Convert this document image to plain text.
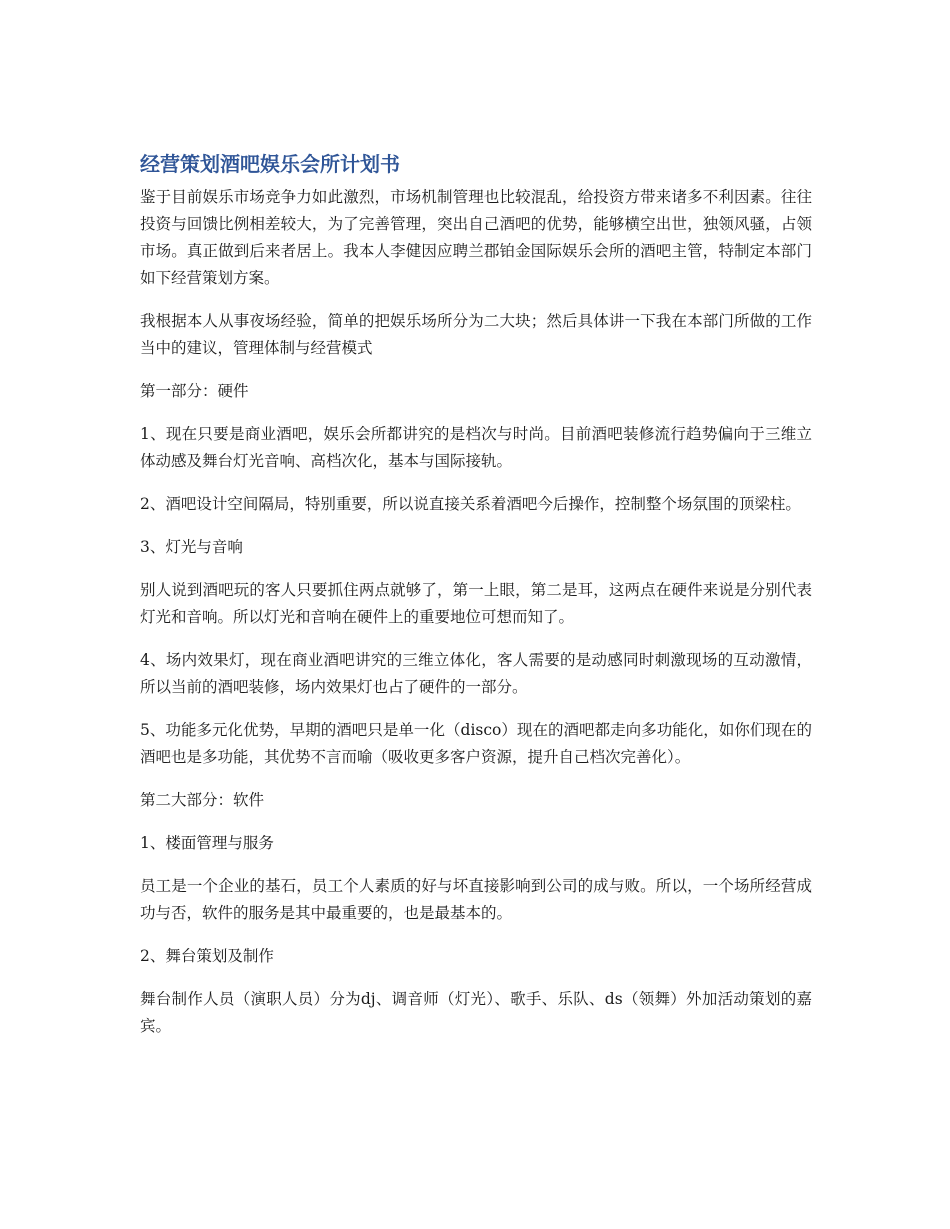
经营策划酒吧娱乐会所计划书

鉴于目前娱乐市场竞争力如此激烈，市场机制管理也比较混乱，给投资方带来诸多不利因素。往往投资与回馈比例相差较大，为了完善管理，突出自己酒吧的优势，能够横空出世，独领风骚，占领市场。真正做到后来者居上。我本人李健因应聘兰郡铂金国际娱乐会所的酒吧主管，特制定本部门如下经营策划方案。

我根据本人从事夜场经验，简单的把娱乐场所分为二大块；然后具体讲一下我在本部门所做的工作当中的建议，管理体制与经营模式

第一部分：硬件

1、现在只要是商业酒吧，娱乐会所都讲究的是档次与时尚。目前酒吧装修流行趋势偏向于三维立体动感及舞台灯光音响、高档次化，基本与国际接轨。

2、酒吧设计空间隔局，特别重要，所以说直接关系着酒吧今后操作，控制整个场氛围的顶梁柱。

3、灯光与音响

别人说到酒吧玩的客人只要抓住两点就够了，第一上眼，第二是耳，这两点在硬件来说是分别代表灯光和音响。所以灯光和音响在硬件上的重要地位可想而知了。

4、场内效果灯，现在商业酒吧讲究的三维立体化，客人需要的是动感同时刺激现场的互动激情，所以当前的酒吧装修，场内效果灯也占了硬件的一部分。

5、功能多元化优势，早期的酒吧只是单一化（disco）现在的酒吧都走向多功能化，如你们现在的酒吧也是多功能，其优势不言而喻（吸收更多客户资源，提升自己档次完善化）。

第二大部分：软件

1、楼面管理与服务

员工是一个企业的基石，员工个人素质的好与坏直接影响到公司的成与败。所以，一个场所经营成功与否，软件的服务是其中最重要的，也是最基本的。

2、舞台策划及制作

舞台制作人员（演职人员）分为dj、调音师（灯光）、歌手、乐队、ds（领舞）外加活动策划的嘉宾。
